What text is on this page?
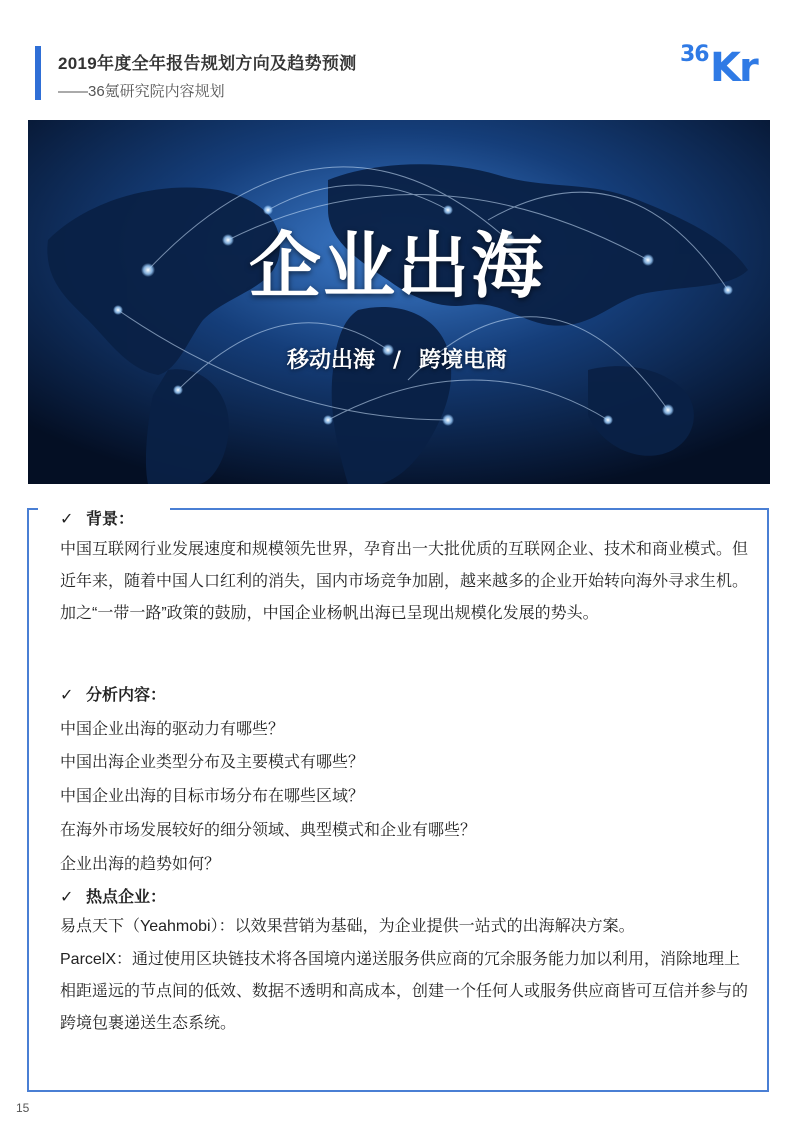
2019年度全年报告规划方向及趋势预测
——36氪研究院内容规划
36 Kr
企业出海
移动出海 / 跨境电商
✓ 背景：
中国互联网行业发展速度和规模领先世界，孕育出一大批优质的互联网企业、技术和商业模式。但近年来，随着中国人口红利的消失，国内市场竞争加剧，越来越多的企业开始转向海外寻求生机。加之“一带一路”政策的鼓励，中国企业杨帆出海已呈现出规模化发展的势头。
✓ 分析内容：
中国企业出海的驱动力有哪些？
中国出海企业类型分布及主要模式有哪些？
中国企业出海的目标市场分布在哪些区域？
在海外市场发展较好的细分领域、典型模式和企业有哪些？
企业出海的趋势如何？
✓ 热点企业：
易点天下（Yeahmobi）：以效果营销为基础，为企业提供一站式的出海解决方案。
ParcelX：通过使用区块链技术将各国境内递送服务供应商的冗余服务能力加以利用，消除地理上相距遥远的节点间的低效、数据不透明和高成本，创建一个任何人或服务供应商皆可互信并参与的跨境包裹递送生态系统。
15
